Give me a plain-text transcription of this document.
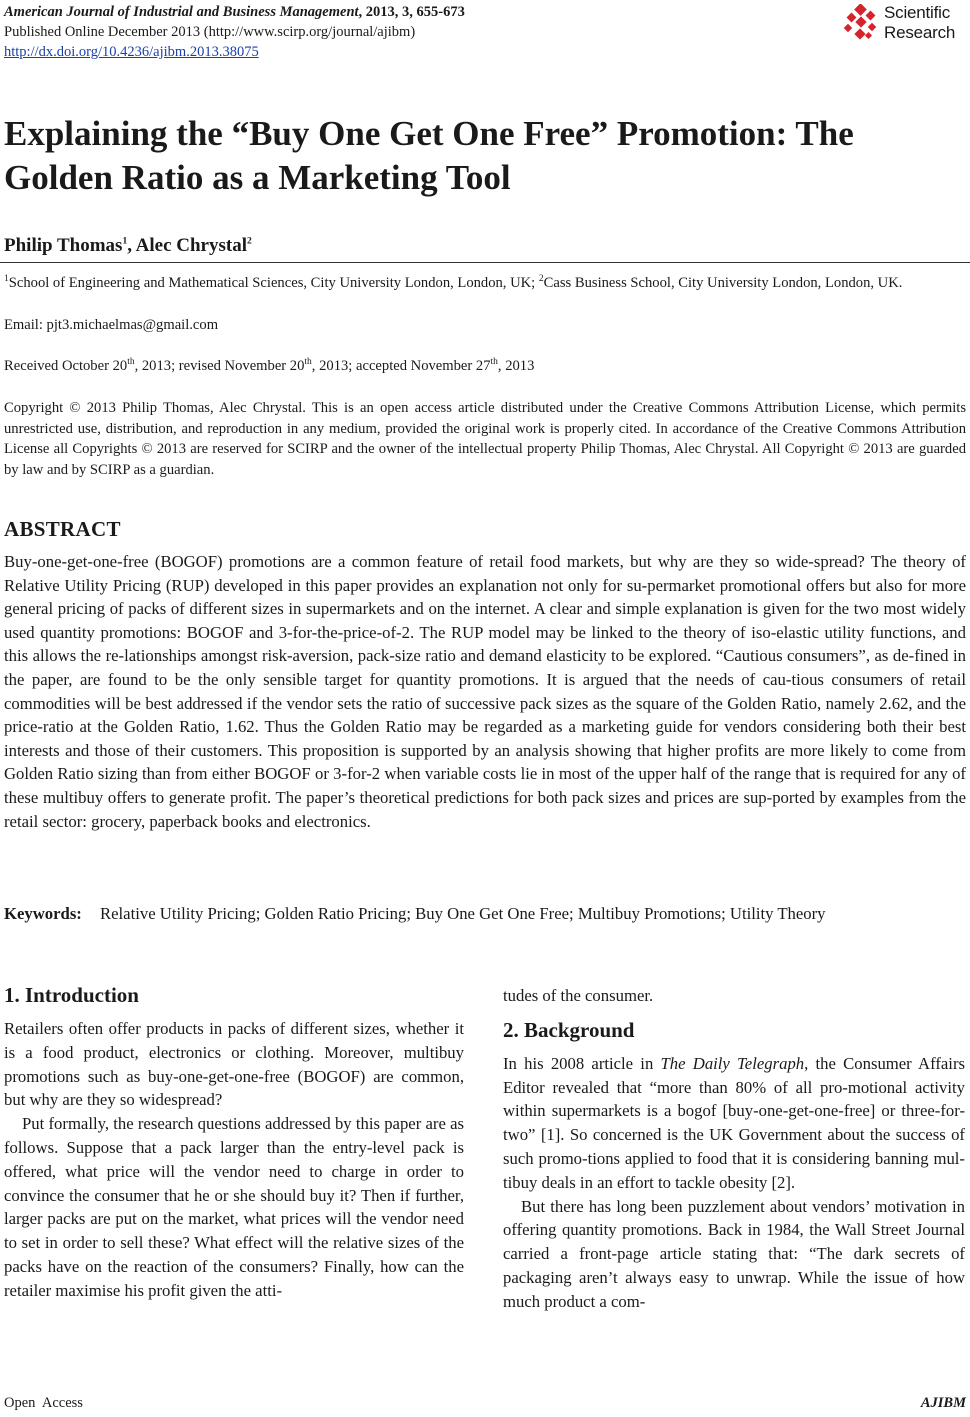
American Journal of Industrial and Business Management, 2013, 3, 655-673
Published Online December 2013 (http://www.scirp.org/journal/ajibm)
http://dx.doi.org/10.4236/ajibm.2013.38075
Scientific
Research
Explaining the “Buy One Get One Free” Promotion: The
Golden Ratio as a Marketing Tool
Philip Thomas$^1$, Alec Chrystal$^2$
$^1$School of Engineering and Mathematical Sciences, City University London, London, UK; $^2$Cass Business School, City University London, London, UK.
Email: pjt3.michaelmas@gmail.com
Received October 20th, 2013; revised November 20th, 2013; accepted November 27th, 2013
Copyright © 2013 Philip Thomas, Alec Chrystal. This is an open access article distributed under the Creative Commons Attribution License, which permits unrestricted use, distribution, and reproduction in any medium, provided the original work is properly cited. In accordance of the Creative Commons Attribution License all Copyrights © 2013 are reserved for SCIRP and the owner of the intellectual property Philip Thomas, Alec Chrystal. All Copyright © 2013 are guarded by law and by SCIRP as a guardian.
ABSTRACT
Buy-one-get-one-free (BOGOF) promotions are a common feature of retail food markets, but why are they so wide-spread? The theory of Relative Utility Pricing (RUP) developed in this paper provides an explanation not only for su-permarket promotional offers but also for more general pricing of packs of different sizes in supermarkets and on the internet. A clear and simple explanation is given for the two most widely used quantity promotions: BOGOF and 3-for-the-price-of-2. The RUP model may be linked to the theory of iso-elastic utility functions, and this allows the re-lationships amongst risk-aversion, pack-size ratio and demand elasticity to be explored. “Cautious consumers”, as de-fined in the paper, are found to be the only sensible target for quantity promotions. It is argued that the needs of cau-tious consumers of retail commodities will be best addressed if the vendor sets the ratio of successive pack sizes as the square of the Golden Ratio, namely 2.62, and the price-ratio at the Golden Ratio, 1.62. Thus the Golden Ratio may be regarded as a marketing guide for vendors considering both their best interests and those of their customers. This proposition is supported by an analysis showing that higher profits are more likely to come from Golden Ratio sizing than from either BOGOF or 3-for-2 when variable costs lie in most of the upper half of the range that is required for any of these multibuy offers to generate profit. The paper’s theoretical predictions for both pack sizes and prices are sup-ported by examples from the retail sector: grocery, paperback books and electronics.
Keywords: Relative Utility Pricing; Golden Ratio Pricing; Buy One Get One Free; Multibuy Promotions; Utility Theory
1. Introduction

Retailers often offer products in packs of different sizes, whether it is a food product, electronics or clothing. Moreover, multibuy promotions such as buy-one-get-one-free (BOGOF) are common, but why are they so widespread?

Put formally, the research questions addressed by this paper are as follows. Suppose that a pack larger than the entry-level pack is offered, what price will the vendor need to charge in order to convince the consumer that he or she should buy it? Then if further, larger packs are put on the market, what prices will the vendor need to set in order to sell these? What effect will the relative sizes of the packs have on the reaction of the consumers? Finally, how can the retailer maximise his profit given the atti-

tudes of the consumer.

2. Background

In his 2008 article in The Daily Telegraph, the Consumer Affairs Editor revealed that “more than 80% of all pro-motional activity within supermarkets is a bogof [buy-one-get-one-free] or three-for-two” [1]. So concerned is the UK Government about the success of such promo-tions applied to food that it is considering banning mul-tibuy deals in an effort to tackle obesity [2].

But there has long been puzzlement about vendors’ motivation in offering quantity promotions. Back in 1984, the Wall Street Journal carried a front-page article stating that: “The dark secrets of packaging aren’t always easy to unwrap. While the issue of how much product a com-

Open  Access	AJIBM
